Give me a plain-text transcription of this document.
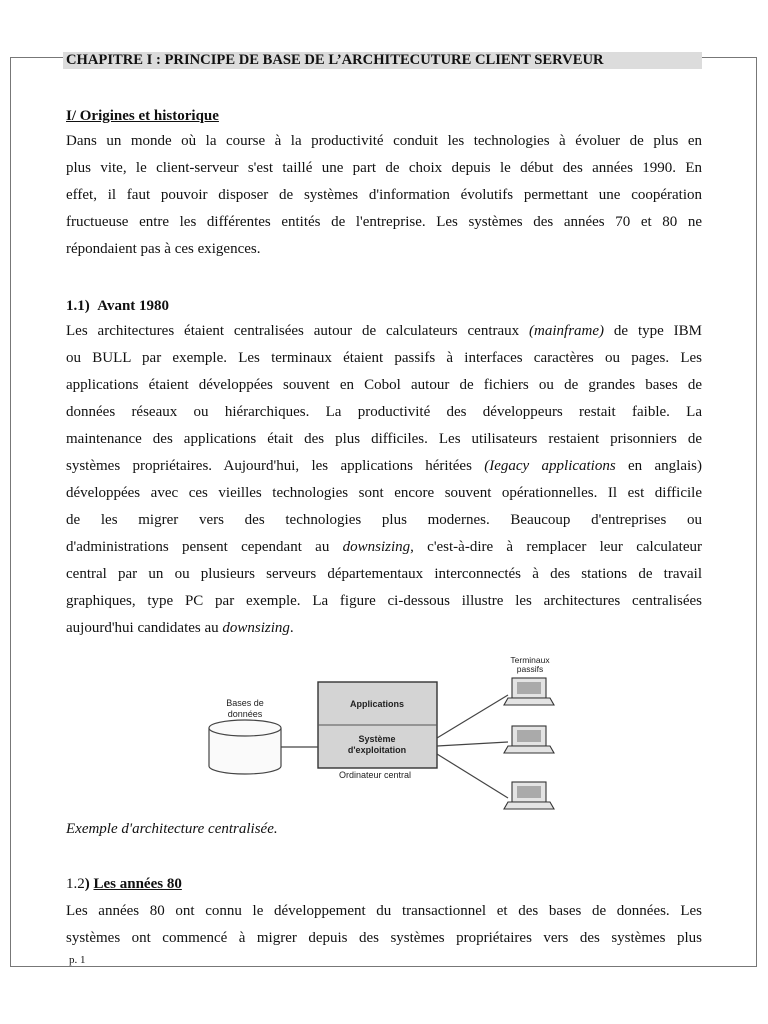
CHAPITRE I : PRINCIPE DE BASE DE L’ARCHITECUTURE CLIENT SERVEUR
I/ Origines et historique
Dans un monde où la course à la productivité conduit les technologies à évoluer de plus en
plus vite, le client-serveur s'est taillé une part de choix depuis le début des années 1990. En
effet, il faut pouvoir disposer de systèmes d'information évolutifs permettant une coopération
fructueuse entre les différentes entités de l'entreprise. Les systèmes des années 70 et 80 ne
répondaient pas à ces exigences.
1.1) Avant 1980
Les architectures étaient centralisées autour de calculateurs centraux (mainframe) de type IBM
ou BULL par exemple. Les terminaux étaient passifs à interfaces caractères ou pages. Les
applications étaient développées souvent en Cobol autour de fichiers ou de grandes bases de
données réseaux ou hiérarchiques. La productivité des développeurs restait faible. La
maintenance des applications était des plus difficiles. Les utilisateurs restaient prisonniers de
systèmes propriétaires. Aujourd'hui, les applications héritées (Iegacy applications en anglais)
développées avec ces vieilles technologies sont encore souvent opérationnelles. Il est difficile
de les migrer vers des technologies plus modernes. Beaucoup d'entreprises ou
d'administrations pensent cependant au downsizing, c'est-à-dire à remplacer leur calculateur
central par un ou plusieurs serveurs départementaux interconnectés à des stations de travail
graphiques, type PC par exemple. La figure ci-dessous illustre les architectures centralisées
aujourd'hui candidates au downsizing.
Bases de
données
Applications
Système
d'exploitation
Ordinateur central
Terminaux
passifs
Exemple d'architecture centralisée.
1.2) Les années 80
Les années 80 ont connu le développement du transactionnel et des bases de données. Les
systèmes ont commencé à migrer depuis des systèmes propriétaires vers des systèmes plus
p. 1
